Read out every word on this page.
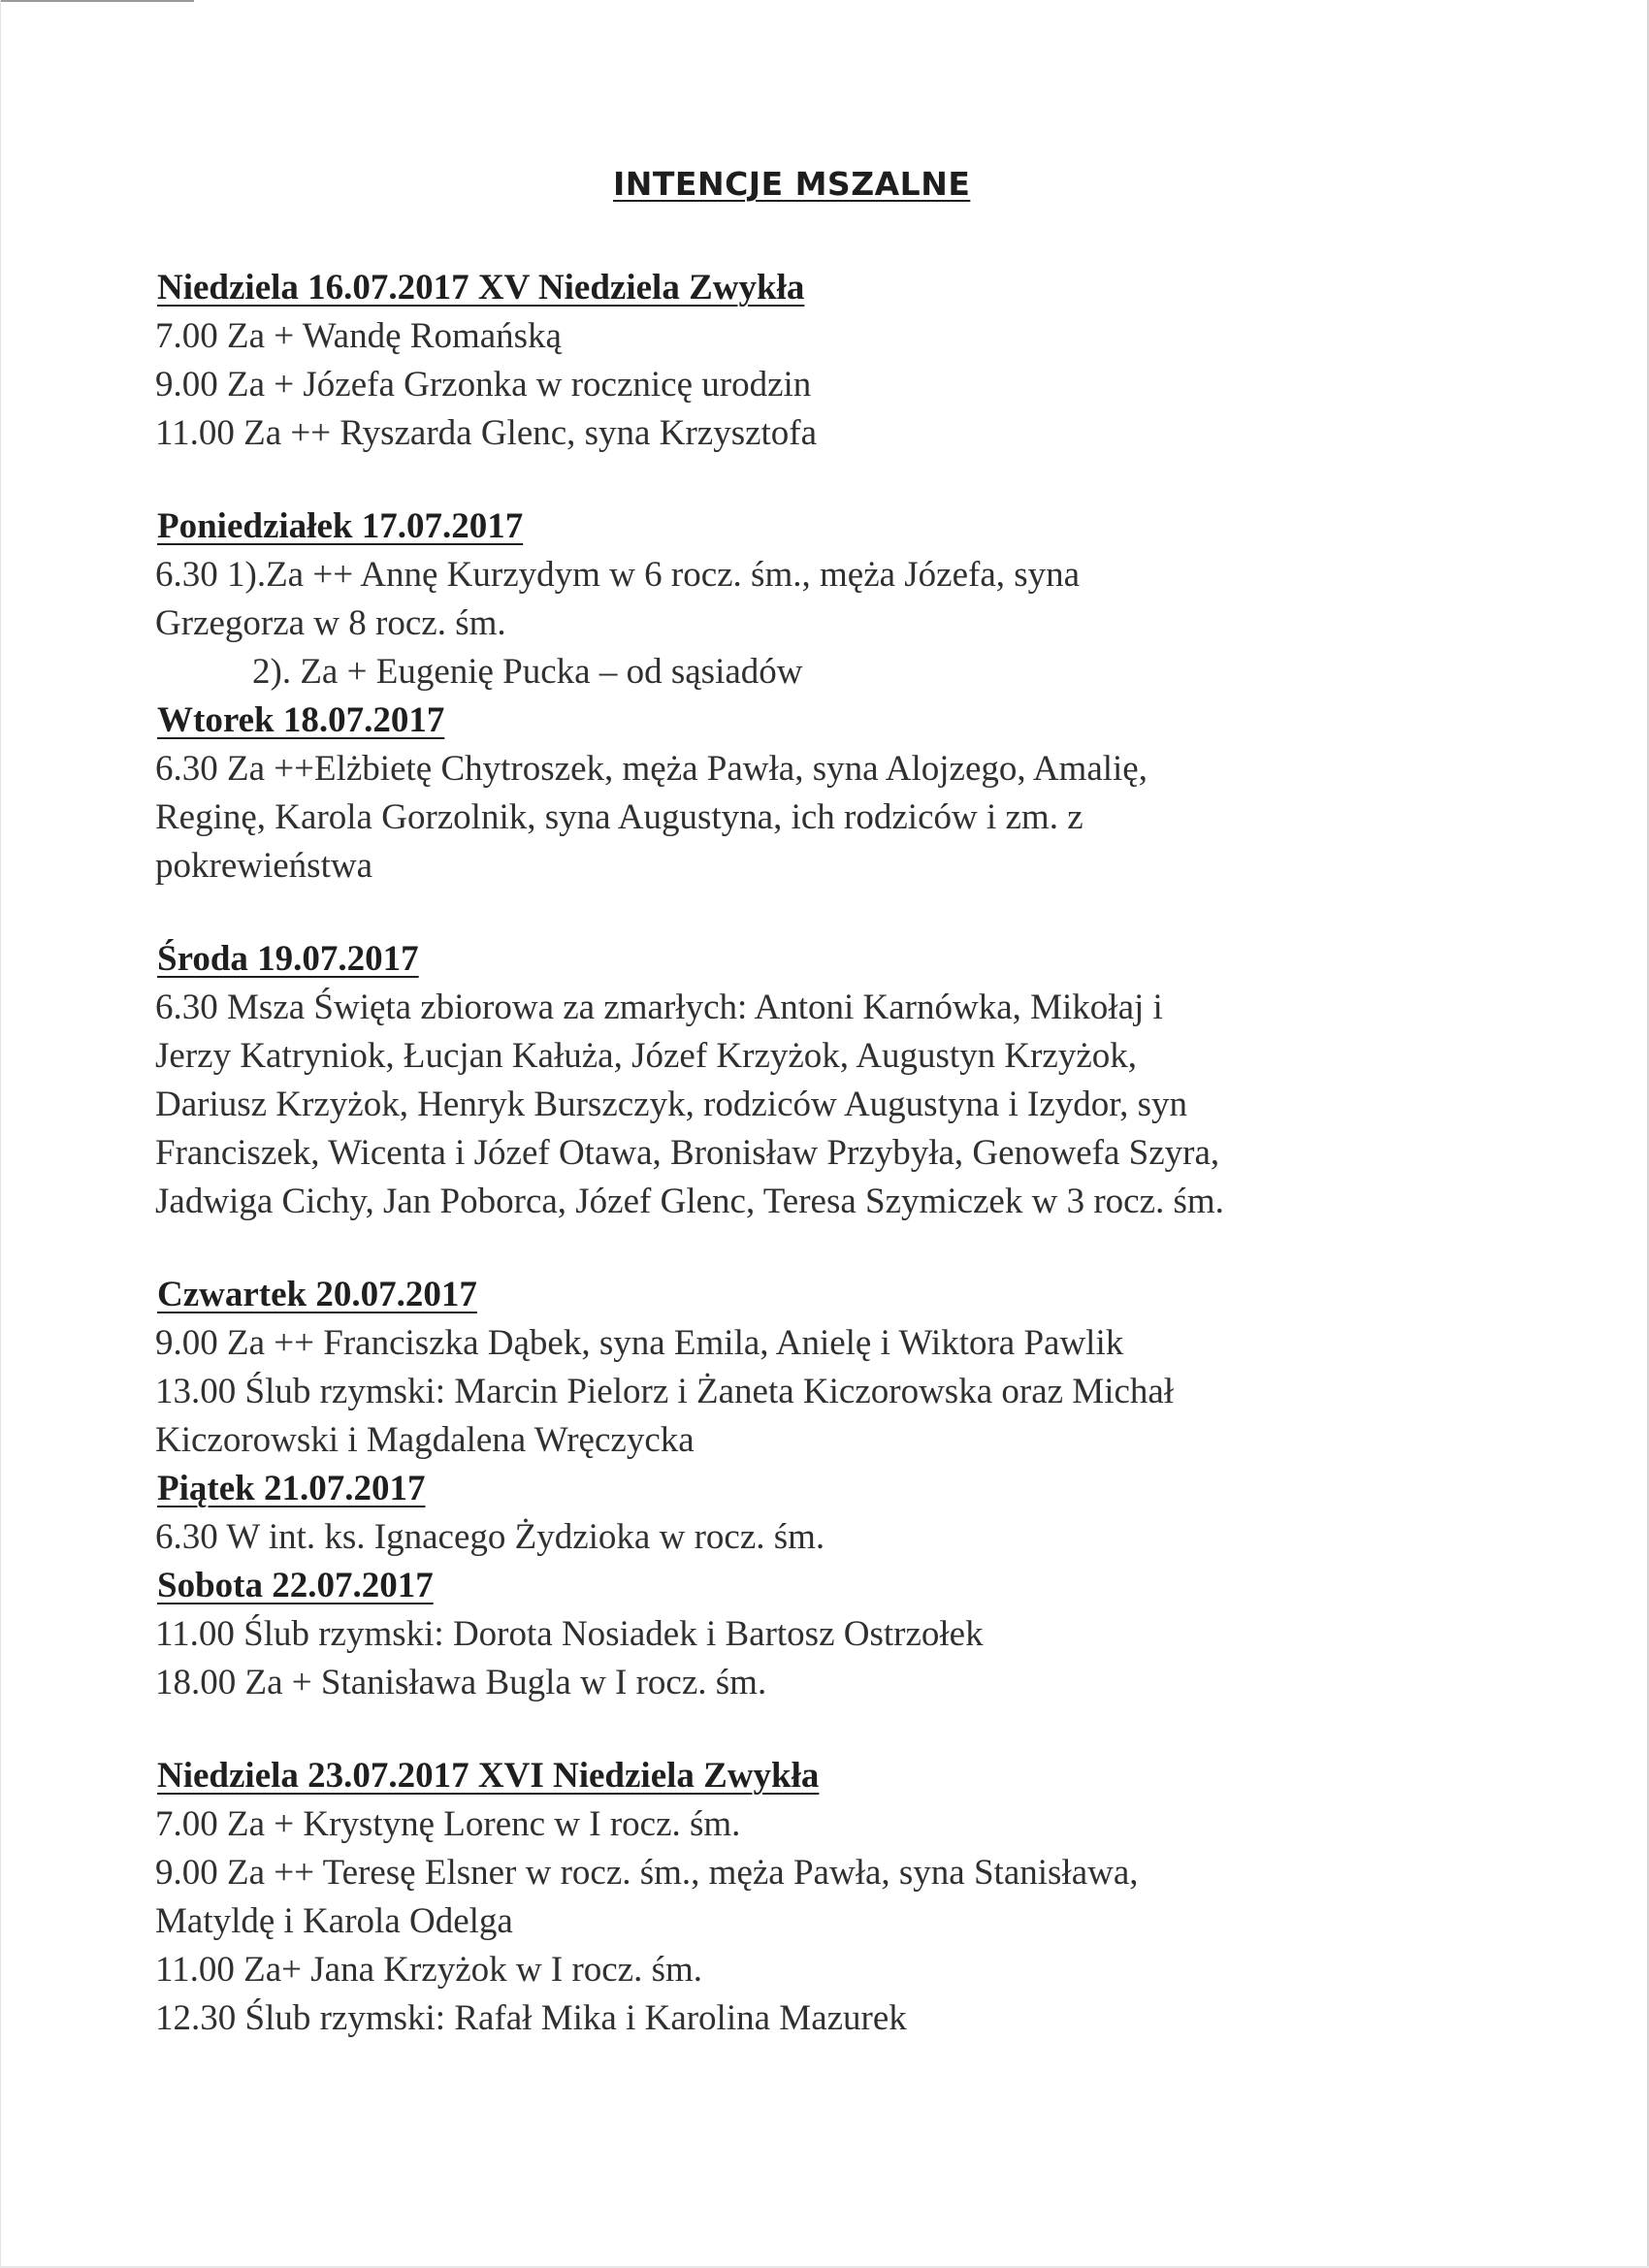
INTENCJE MSZALNE
Niedziela 16.07.2017 XV Niedziela Zwykła
7.00 Za + Wandę Romańską
9.00 Za + Józefa Grzonka w rocznicę urodzin
11.00 Za ++ Ryszarda Glenc, syna Krzysztofa
Poniedziałek 17.07.2017
6.30 1).Za ++ Annę Kurzydym w 6 rocz. śm., męża Józefa, syna
Grzegorza w 8 rocz. śm.
2). Za + Eugenię Pucka – od sąsiadów
Wtorek 18.07.2017
6.30 Za ++Elżbietę Chytroszek, męża Pawła, syna Alojzego, Amalię,
Reginę, Karola Gorzolnik, syna Augustyna, ich rodziców i zm. z
pokrewieństwa
Środa 19.07.2017
6.30 Msza Święta zbiorowa za zmarłych: Antoni Karnówka, Mikołaj i
Jerzy Katryniok, Łucjan Kałuża, Józef Krzyżok, Augustyn Krzyżok,
Dariusz Krzyżok, Henryk Burszczyk, rodziców Augustyna i Izydor, syn
Franciszek, Wicenta i Józef Otawa, Bronisław Przybyła, Genowefa Szyra,
Jadwiga Cichy, Jan Poborca, Józef Glenc, Teresa Szymiczek w 3 rocz. śm.
Czwartek 20.07.2017
9.00 Za ++ Franciszka Dąbek, syna Emila, Anielę i Wiktora Pawlik
13.00 Ślub rzymski: Marcin Pielorz i Żaneta Kiczorowska oraz Michał
Kiczorowski i Magdalena Wręczycka
Piątek 21.07.2017
6.30 W int. ks. Ignacego Żydzioka w rocz. śm.
Sobota 22.07.2017
11.00 Ślub rzymski: Dorota Nosiadek i Bartosz Ostrzołek
18.00 Za + Stanisława Bugla w I rocz. śm.
Niedziela 23.07.2017 XVI Niedziela Zwykła
7.00 Za + Krystynę Lorenc w I rocz. śm.
9.00 Za ++ Teresę Elsner w rocz. śm., męża Pawła, syna Stanisława,
Matyldę i Karola Odelga
11.00 Za+ Jana Krzyżok w I rocz. śm.
12.30 Ślub rzymski: Rafał Mika i Karolina Mazurek
